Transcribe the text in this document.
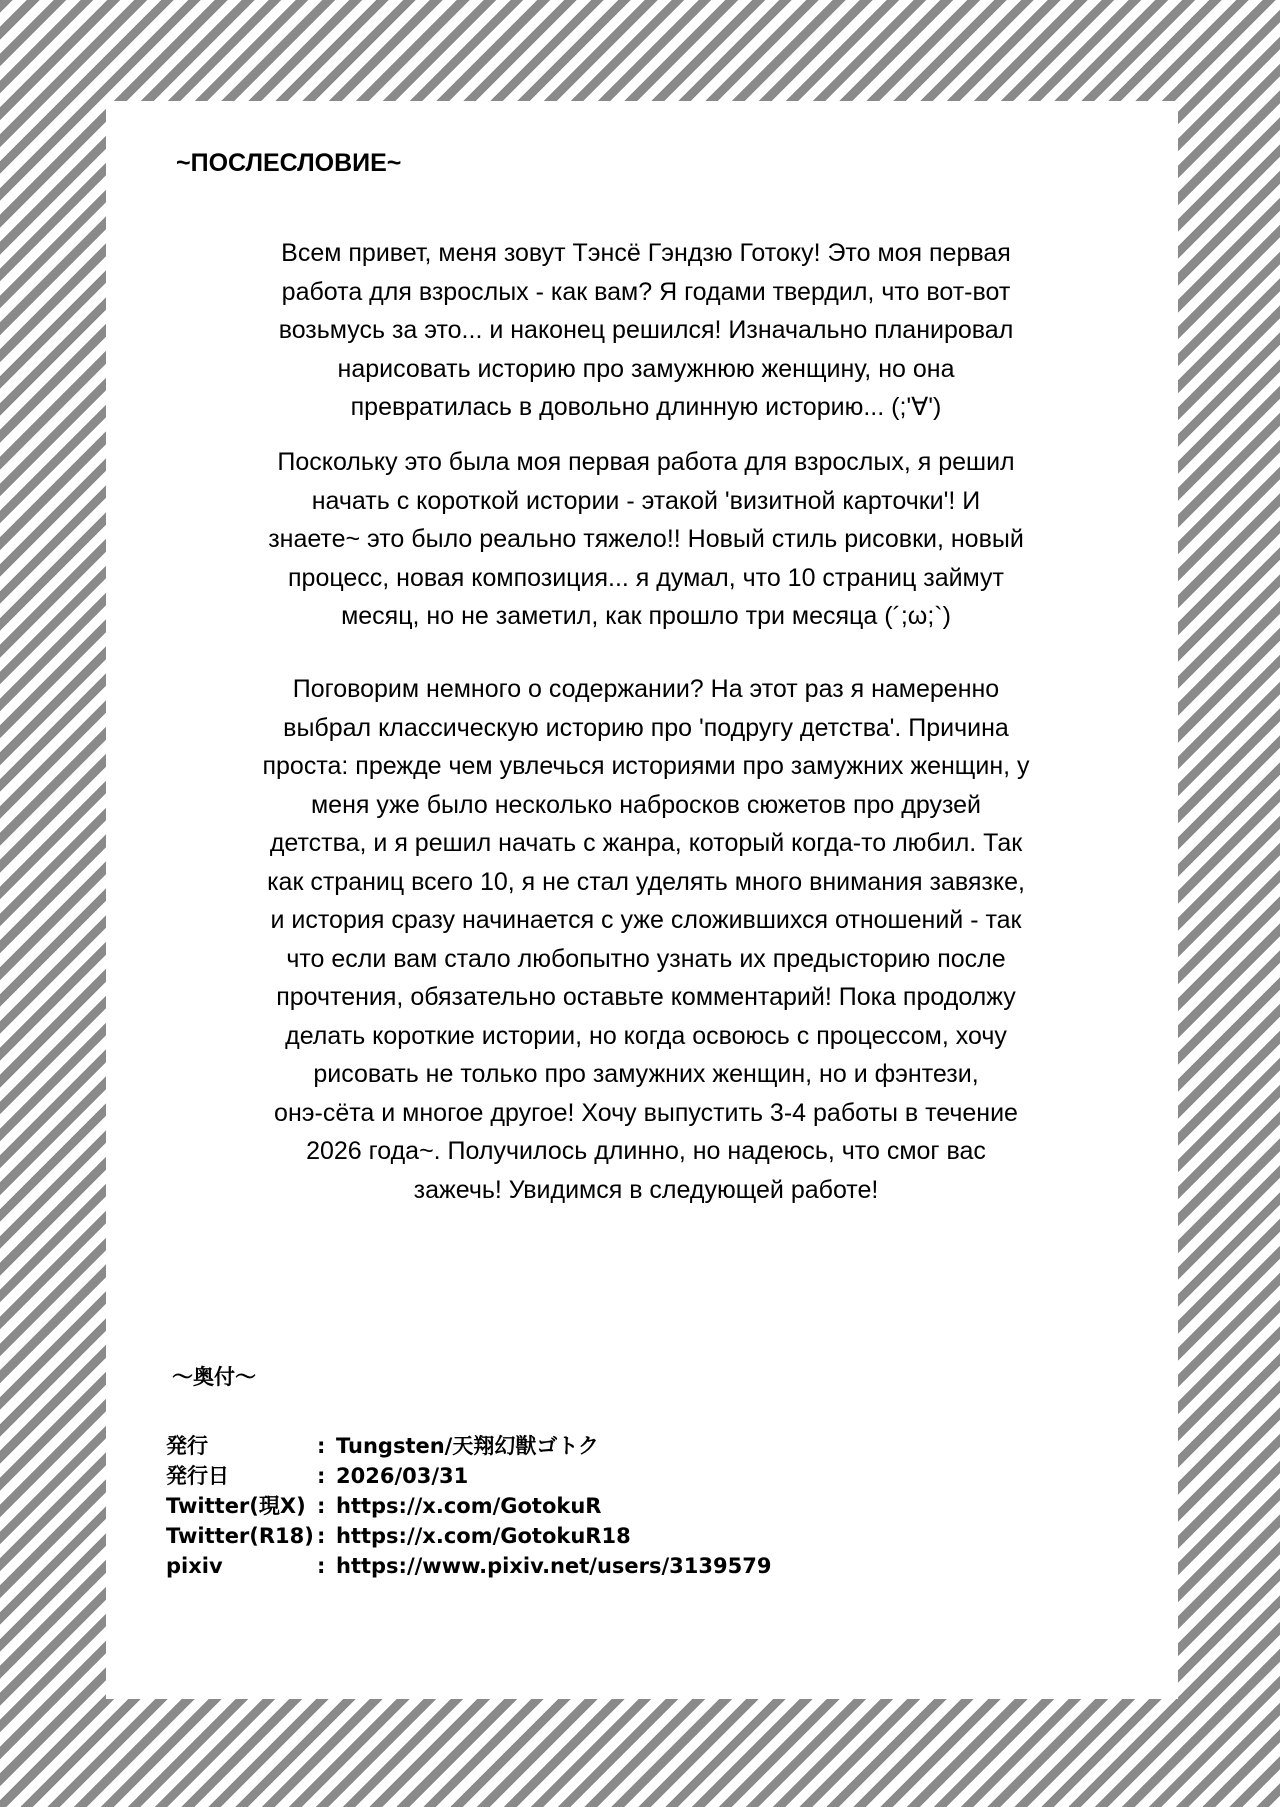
~ПОСЛЕСЛОВИЕ~

Всем привет, меня зовут Тэнсё Гэндзю Готоку! Это моя первая
работа для взрослых - как вам? Я годами твердил, что вот-вот
возьмусь за это... и наконец решился! Изначально планировал
нарисовать историю про замужнюю женщину, но она
превратилась в довольно длинную историю... (;'∀')

Поскольку это была моя первая работа для взрослых, я решил
начать с короткой истории - этакой 'визитной карточки'! И
знаете~ это было реально тяжело!! Новый стиль рисовки, новый
процесс, новая композиция... я думал, что 10 страниц займут
месяц, но не заметил, как прошло три месяца (´;ω;`)

Поговорим немного о содержании? На этот раз я намеренно
выбрал классическую историю про 'подругу детства'. Причина
проста: прежде чем увлечься историями про замужних женщин, у
меня уже было несколько набросков сюжетов про друзей
детства, и я решил начать с жанра, который когда-то любил. Так
как страниц всего 10, я не стал уделять много внимания завязке,
и история сразу начинается с уже сложившихся отношений - так
что если вам стало любопытно узнать их предысторию после
прочтения, обязательно оставьте комментарий! Пока продолжу
делать короткие истории, но когда освоюсь с процессом, хочу
рисовать не только про замужних женщин, но и фэнтези,
онэ-сёта и многое другое! Хочу выпустить 3-4 работы в течение
2026 года~. Получилось длинно, но надеюсь, что смог вас
зажечь! Увидимся в следующей работе!

〜奥付〜
発行	: Tungsten/天翔幻獣ゴトク
発行日	: 2026/03/31
Twitter(現X) : https://x.com/GotokuR
Twitter(R18) : https://x.com/GotokuR18
pixiv	: https://www.pixiv.net/users/3139579
